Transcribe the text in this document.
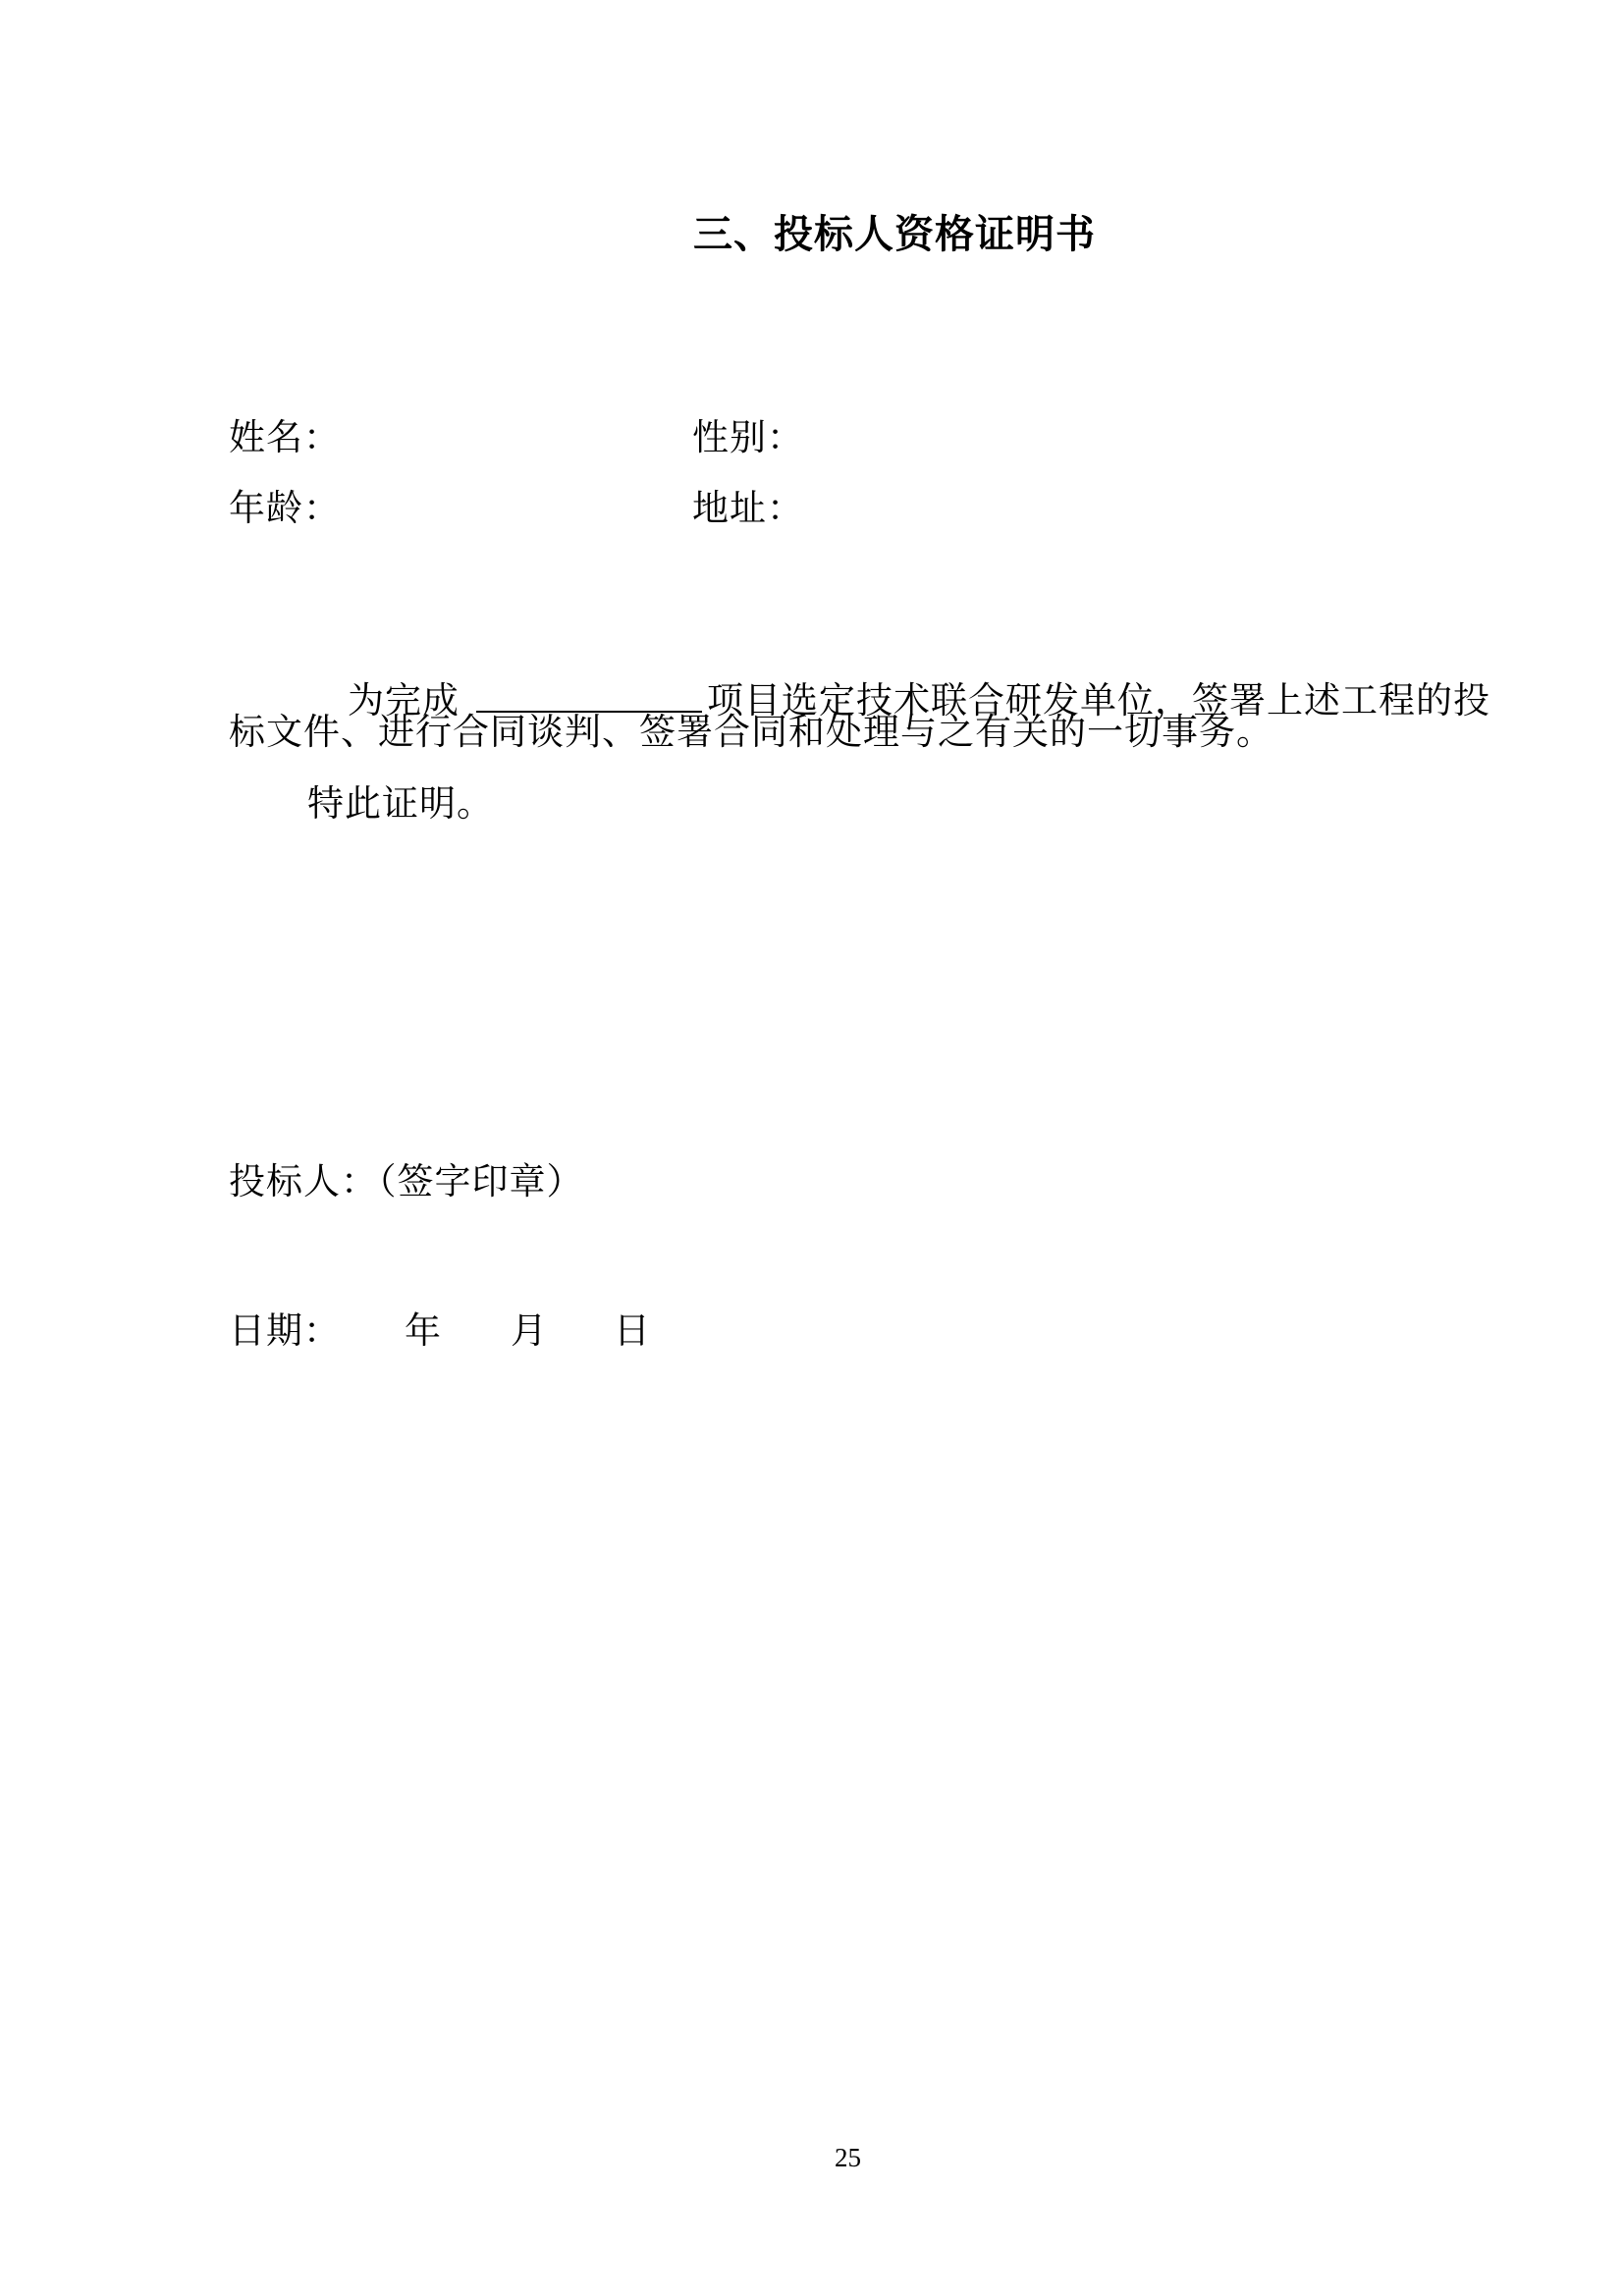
三、投标人资格证明书
姓名：	性别：
年龄：	地址：

为完成	项目选定技术联合研发单位，签署上述工程的投

标文件、进行合同谈判、签署合同和处理与之有关的一切事务。
特此证明。
投标人：（签字印章）

日期：

年

月

日

25
